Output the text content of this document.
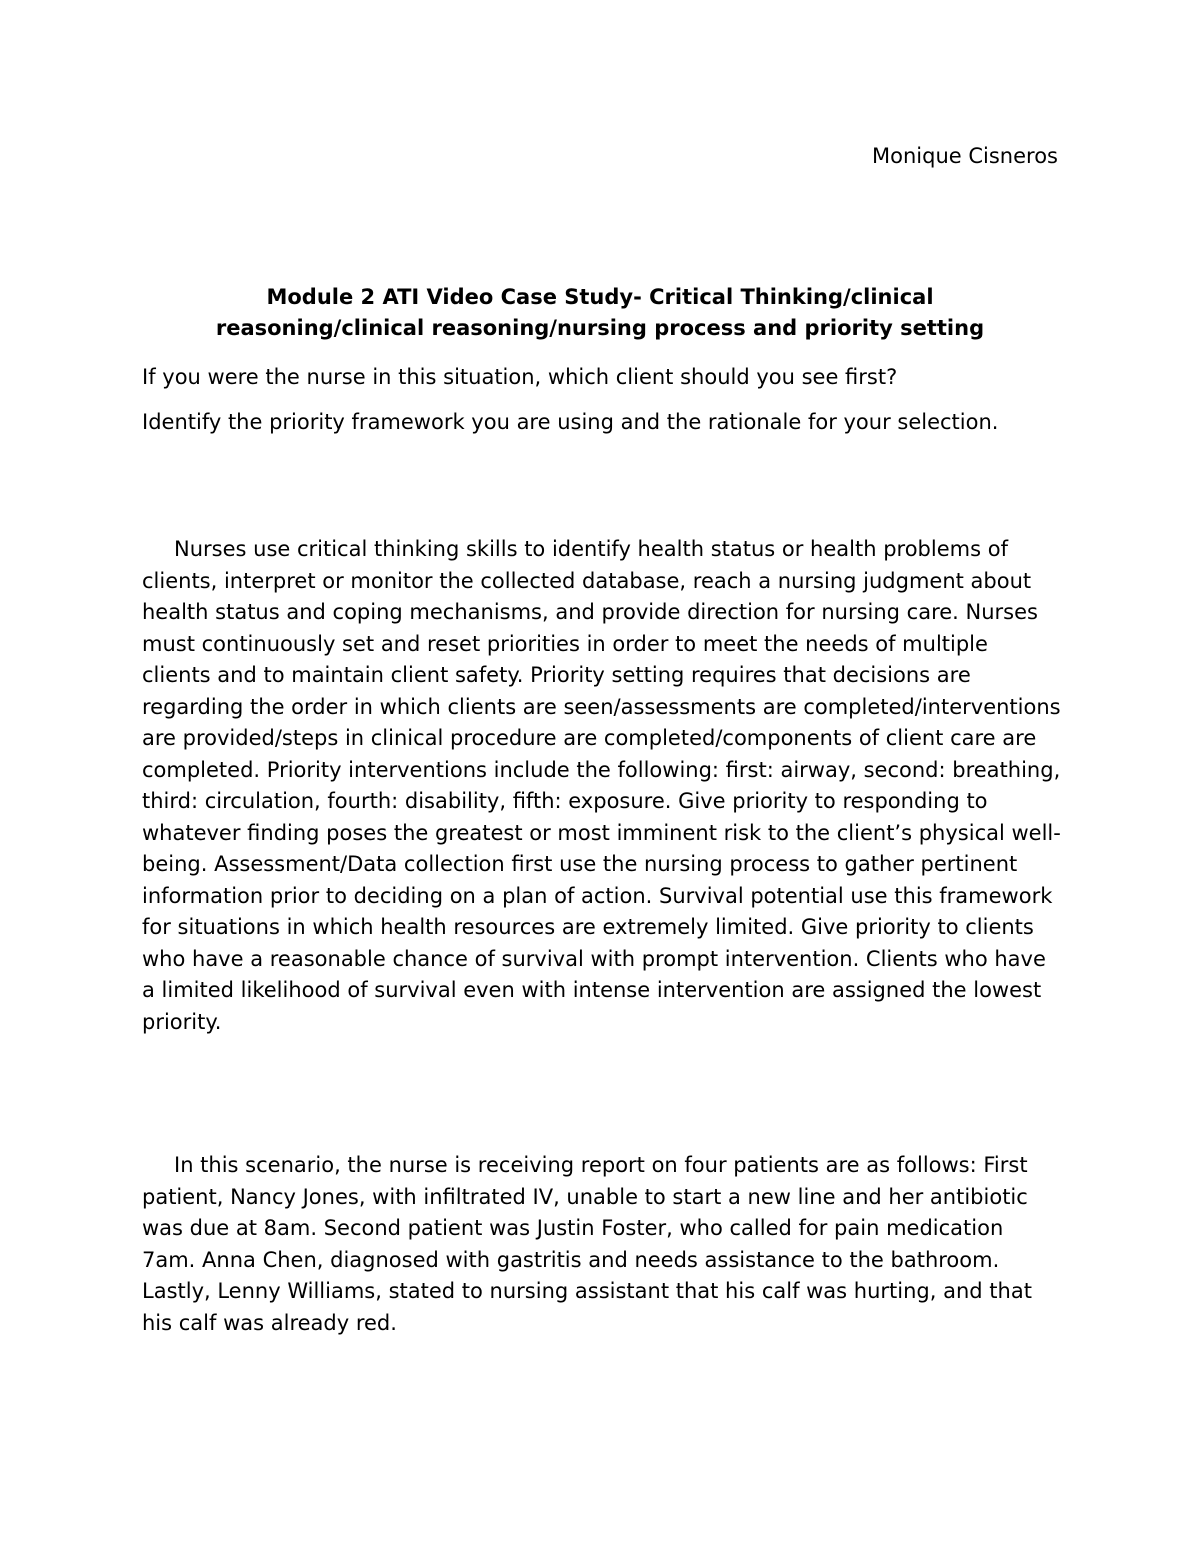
Monique Cisneros

Module 2 ATI Video Case Study- Critical Thinking/clinical
reasoning/clinical reasoning/nursing process and priority setting

If you were the nurse in this situation, which client should you see first?

Identify the priority framework you are using and the rationale for your selection.

Nurses use critical thinking skills to identify health status or health problems of clients, interpret or monitor the collected database, reach a nursing judgment about health status and coping mechanisms, and provide direction for nursing care. Nurses must continuously set and reset priorities in order to meet the needs of multiple clients and to maintain client safety. Priority setting requires that decisions are regarding the order in which clients are seen/assessments are completed/interventions are provided/steps in clinical procedure are completed/components of client care are completed. Priority interventions include the following: first: airway, second: breathing, third: circulation, fourth: disability, fifth: exposure. Give priority to responding to whatever finding poses the greatest or most imminent risk to the client’s physical well-being. Assessment/Data collection first use the nursing process to gather pertinent information prior to deciding on a plan of action. Survival potential use this framework for situations in which health resources are extremely limited. Give priority to clients who have a reasonable chance of survival with prompt intervention. Clients who have a limited likelihood of survival even with intense intervention are assigned the lowest priority.

In this scenario, the nurse is receiving report on four patients are as follows: First patient, Nancy Jones, with infiltrated IV, unable to start a new line and her antibiotic was due at 8am. Second patient was Justin Foster, who called for pain medication 7am. Anna Chen, diagnosed with gastritis and needs assistance to the bathroom. Lastly, Lenny Williams, stated to nursing assistant that his calf was hurting, and that his calf was already red.
